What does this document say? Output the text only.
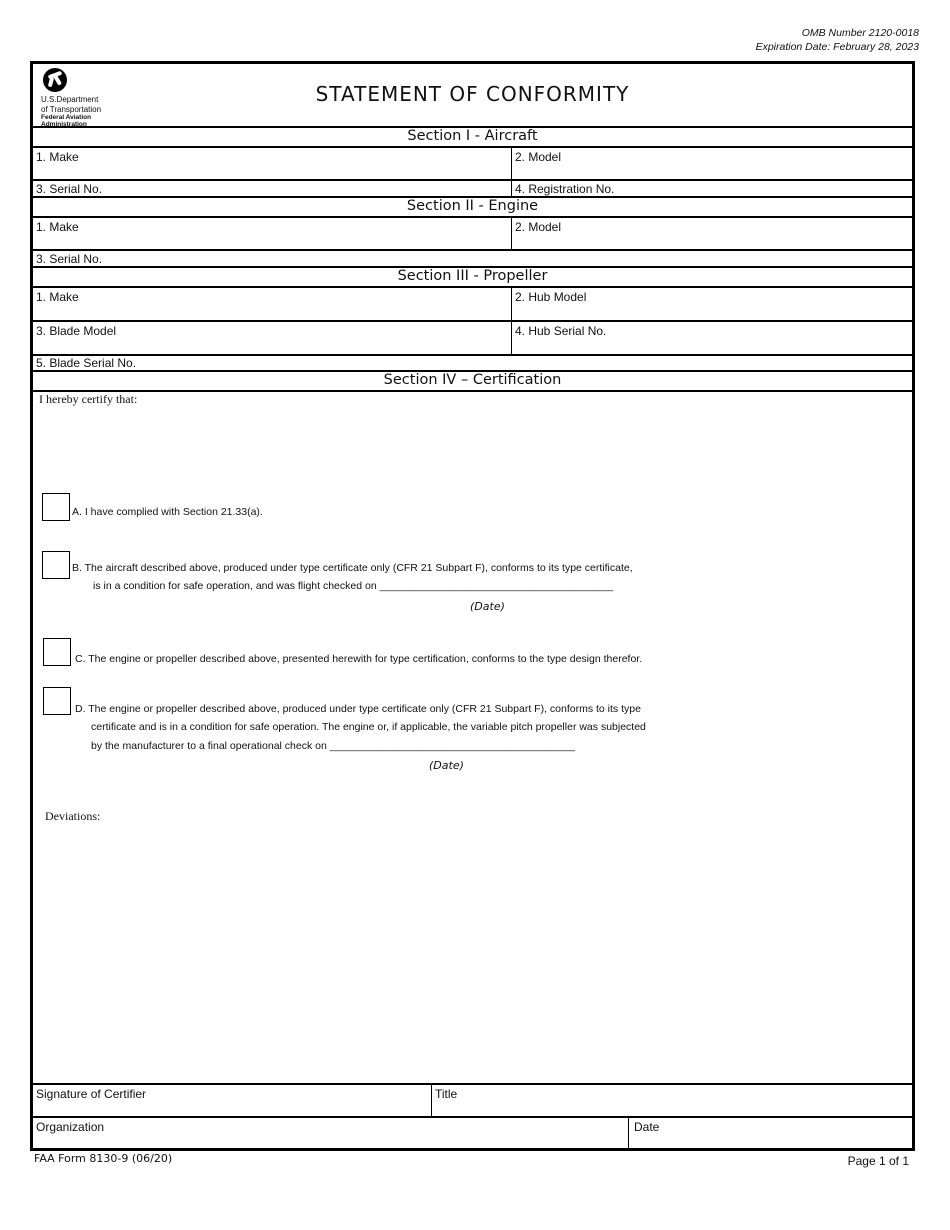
OMB Number 2120-0018
Expiration Date: February 28, 2023
U.S.Department
of Transportation
Federal Aviation
Administration
STATEMENT OF CONFORMITY
Section I - Aircraft
1. Make	2. Model
3. Serial No.	4. Registration No.
Section II - Engine
1. Make	2. Model
3. Serial No.
Section III - Propeller
1. Make	2. Hub Model
3. Blade Model	4. Hub Serial No.
5. Blade Serial No.
Section IV – Certification
I hereby certify that:
A. I have complied with Section 21.33(a).
B. The aircraft described above, produced under type certificate only (CFR 21 Subpart F), conforms to its type certificate,
is in a condition for safe operation, and was flight checked on ________________________________________
(Date)
C. The engine or propeller described above, presented herewith for type certification, conforms to the type design therefor.
D. The engine or propeller described above, produced under type certificate only (CFR 21 Subpart F), conforms to its type
certificate and is in a condition for safe operation. The engine or, if applicable, the variable pitch propeller was subjected
by the manufacturer to a final operational check on __________________________________________
(Date)
Deviations:
Signature of Certifier	Title
Organization	Date
FAA Form 8130-9 (06/20)	Page 1 of 1
